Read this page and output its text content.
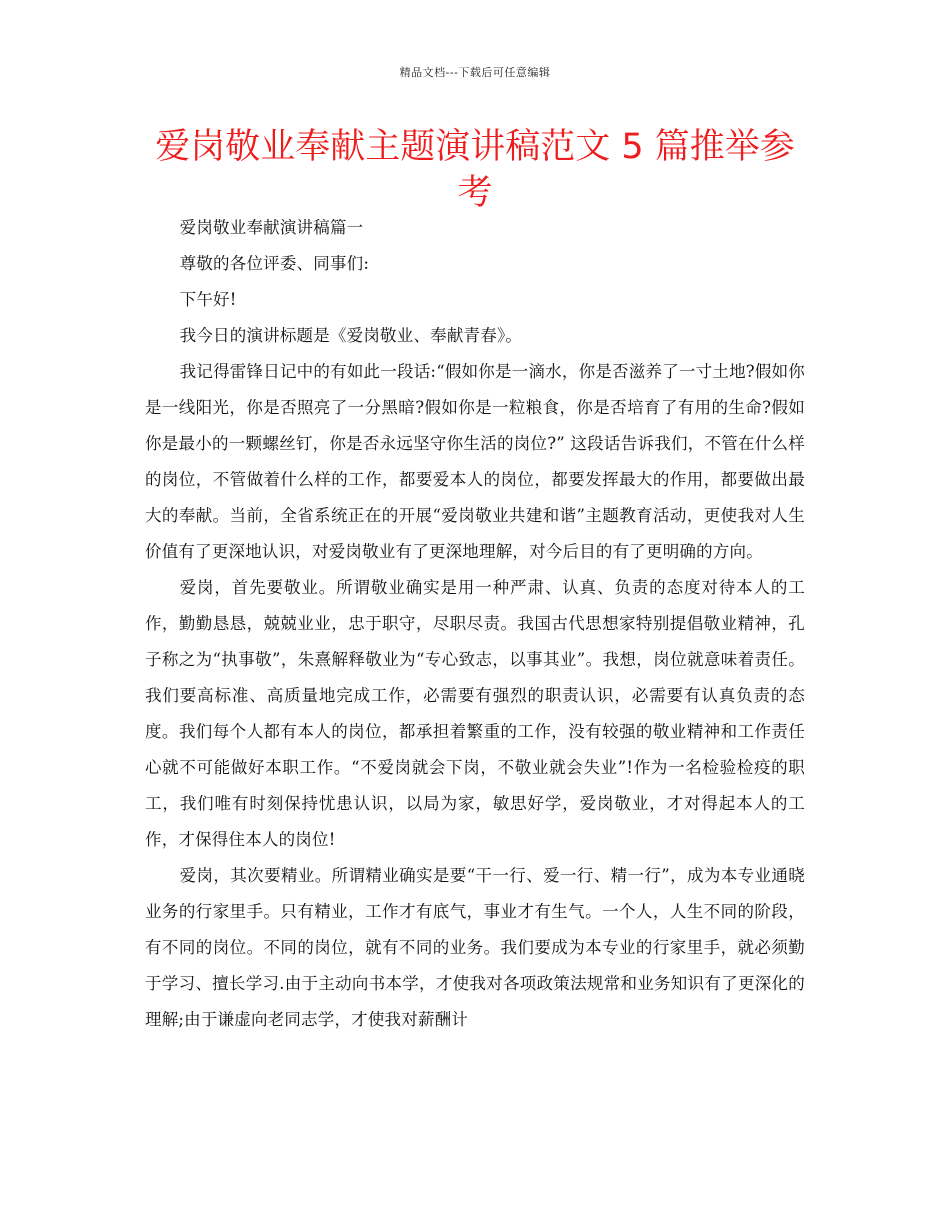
精品文档---下载后可任意编辑
爱岗敬业奉献主题演讲稿范文 5 篇推举参考

爱岗敬业奉献演讲稿篇一

尊敬的各位评委、同事们:

下午好!

我今日的演讲标题是《爱岗敬业、奉献青春》。

我记得雷锋日记中的有如此一段话:“假如你是一滴水，你是否滋养了一寸土地?假如你是一线阳光，你是否照亮了一分黑暗?假如你是一粒粮食，你是否培育了有用的生命?假如你是最小的一颗螺丝钉，你是否永远坚守你生活的岗位?” 这段话告诉我们，不管在什么样的岗位，不管做着什么样的工作，都要爱本人的岗位，都要发挥最大的作用，都要做出最大的奉献。当前，全省系统正在的开展“爱岗敬业共建和谐”主题教育活动，更使我对人生价值有了更深地认识，对爱岗敬业有了更深地理解，对今后目的有了更明确的方向。

爱岗，首先要敬业。所谓敬业确实是用一种严肃、认真、负责的态度对待本人的工作，勤勤恳恳，兢兢业业，忠于职守，尽职尽责。我国古代思想家特别提倡敬业精神，孔子称之为“执事敬”，朱熹解释敬业为“专心致志，以事其业”。我想，岗位就意味着责任。我们要高标准、高质量地完成工作，必需要有强烈的职责认识，必需要有认真负责的态度。我们每个人都有本人的岗位，都承担着繁重的工作，没有较强的敬业精神和工作责任心就不可能做好本职工作。“不爱岗就会下岗，不敬业就会失业”!作为一名检验检疫的职工，我们唯有时刻保持忧患认识，以局为家，敏思好学，爱岗敬业，才对得起本人的工作，才保得住本人的岗位!

爱岗，其次要精业。所谓精业确实是要“干一行、爱一行、精一行”，成为本专业通晓业务的行家里手。只有精业，工作才有底气，事业才有生气。一个人，人生不同的阶段，有不同的岗位。不同的岗位，就有不同的业务。我们要成为本专业的行家里手，就必须勤于学习、擅长学习.由于主动向书本学，才使我对各项政策法规常和业务知识有了更深化的理解;由于谦虚向老同志学，才使我对薪酬计
